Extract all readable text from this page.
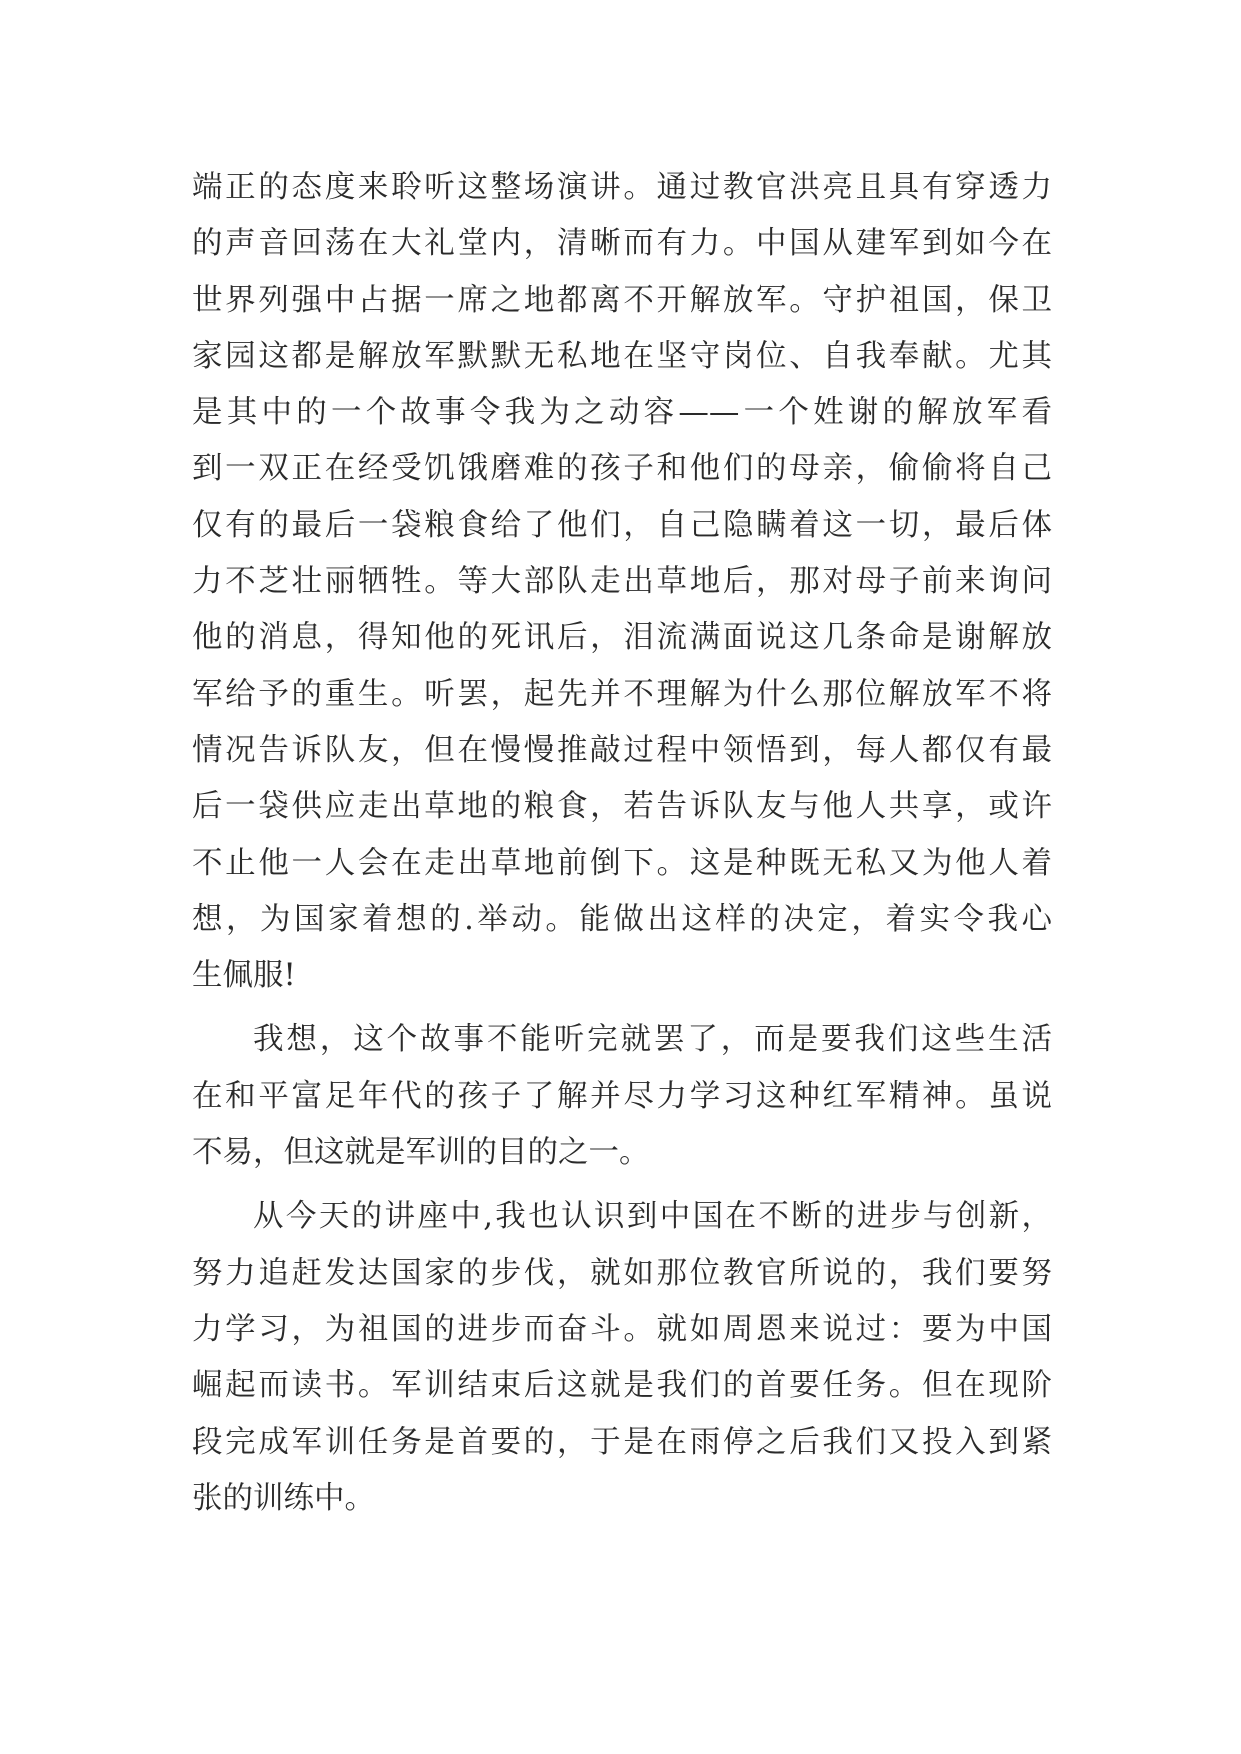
端正的态度来聆听这整场演讲。通过教官洪亮且具有穿透力
的声音回荡在大礼堂内，清晰而有力。中国从建军到如今在
世界列强中占据一席之地都离不开解放军。守护祖国，保卫
家园这都是解放军默默无私地在坚守岗位、自我奉献。尤其
是其中的一个故事令我为之动容——一个姓谢的解放军看
到一双正在经受饥饿磨难的孩子和他们的母亲，偷偷将自己
仅有的最后一袋粮食给了他们，自己隐瞒着这一切，最后体
力不芝壮丽牺牲。等大部队走出草地后，那对母子前来询问
他的消息，得知他的死讯后，泪流满面说这几条命是谢解放
军给予的重生。听罢，起先并不理解为什么那位解放军不将
情况告诉队友，但在慢慢推敲过程中领悟到，每人都仅有最
后一袋供应走出草地的粮食，若告诉队友与他人共享，或许
不止他一人会在走出草地前倒下。这是种既无私又为他人着
想，为国家着想的.举动。能做出这样的决定，着实令我心
生佩服!
我想，这个故事不能听完就罢了，而是要我们这些生活
在和平富足年代的孩子了解并尽力学习这种红军精神。虽说
不易，但这就是军训的目的之一。
从今天的讲座中,我也认识到中国在不断的进步与创新，
努力追赶发达国家的步伐，就如那位教官所说的，我们要努
力学习，为祖国的进步而奋斗。就如周恩来说过：要为中国
崛起而读书。军训结束后这就是我们的首要任务。但在现阶
段完成军训任务是首要的，于是在雨停之后我们又投入到紧
张的训练中。
